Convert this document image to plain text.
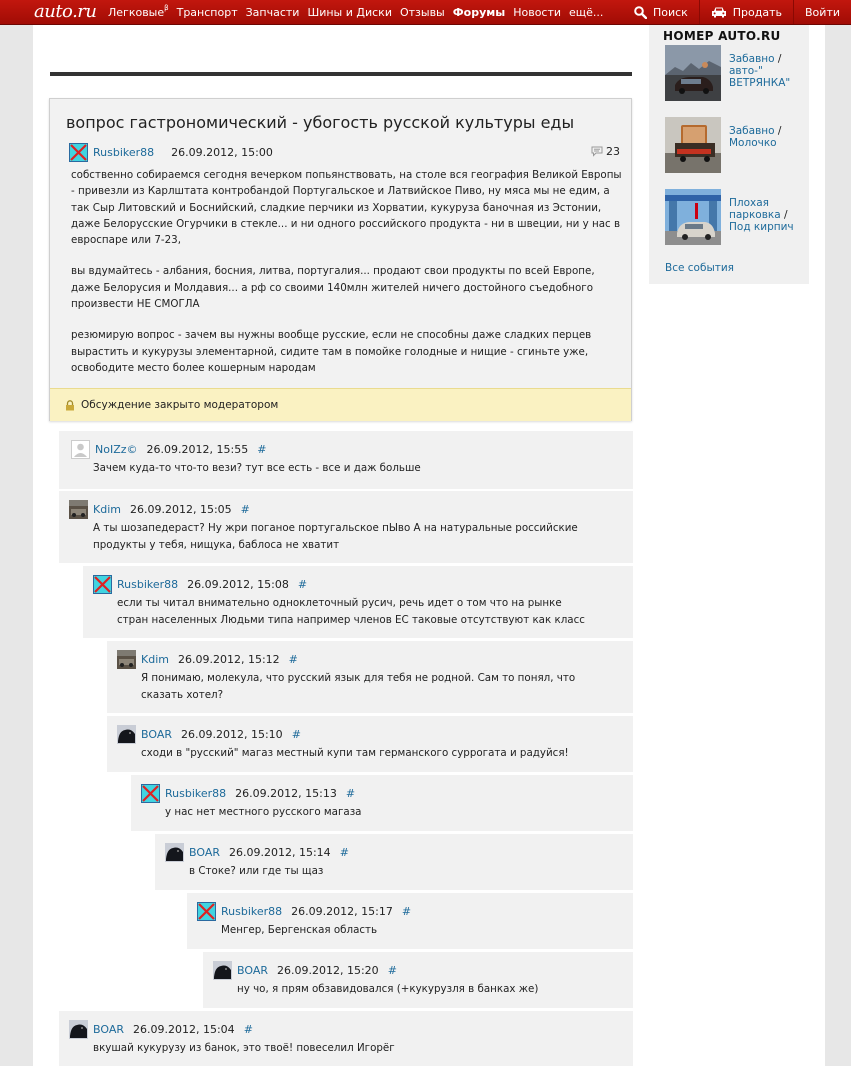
auto.ru Легковые$^\beta$ Транспорт Запчасти Шины и Диски Отзывы Форумы Новости ещё...	Поиск	Продать Войти
вопрос гастрономический - убогость русской культуры еды
Rusbiker88 26.09.2012, 15:00	23

собственно собираемся сегодня вечерком попьянствовать, на столе вся география Великой Европы - привезли из Карлштата контробандой Португальское и Латвийское Пиво, ну мяса мы не едим, а так Сыр Литовский и Боснийский, сладкие перчики из Хорватии, кукуруза баночная из Эстонии, даже Белорусские Огурчики в стекле... и ни одного российского продукта - ни в швеции, ни у нас в евроспаре или 7-23,

вы вдумайтесь - албания, босния, литва, португалия... продают свои продукты по всей Европе, даже Белорусия и Молдавия... а рф со своими 140млн жителей ничего достойного съедобного произвести НЕ СМОГЛА

резюмирую вопрос - зачем вы нужны вообще русские, если не способны даже сладких перцев вырастить и кукурузы элементарной, сидите там в помойке голодные и нищие - сгиньте уже, освободите место более кошерным народам

Обсуждение закрыто модератором
NoIZz© 26.09.2012, 15:55 #
Зачем куда-то что-то вези? тут все есть - все и даж больше
Kdim 26.09.2012, 15:05 #
А ты шозапедераст? Ну жри поганое португальское пЫво А на натуральные российские
продукты у тебя, нищука, баблоса не хватит
Rusbiker88 26.09.2012, 15:08 #
если ты читал внимательно одноклеточный русич, речь идет о том что на рынке
стран населенных Людьми типа например членов ЕС таковые отсутствуют как класс
Kdim 26.09.2012, 15:12 #
Я понимаю, молекула, что русский язык для тебя не родной. Сам то понял, что
сказать хотел?
BOAR 26.09.2012, 15:10 #
сходи в "русский" магаз местный купи там германского суррогата и радуйся!
Rusbiker88 26.09.2012, 15:13 #
у нас нет местного русского магаза
BOAR 26.09.2012, 15:14 #
в Стоке? или где ты щаз
Rusbiker88 26.09.2012, 15:17 #
Менгер, Бергенская область
BOAR 26.09.2012, 15:20 #
ну чо, я прям обзавидовался (+кукурузля в банках же)
BOAR 26.09.2012, 15:04 #
вкушай кукурузу из банок, это твоё! повеселил Игорёг
НОМЕР AUTO.RU
Забавно / авто-" ВЕТРЯНКА"
Забавно / Молочко
Плохая парковка / Под кирпич
Все события
